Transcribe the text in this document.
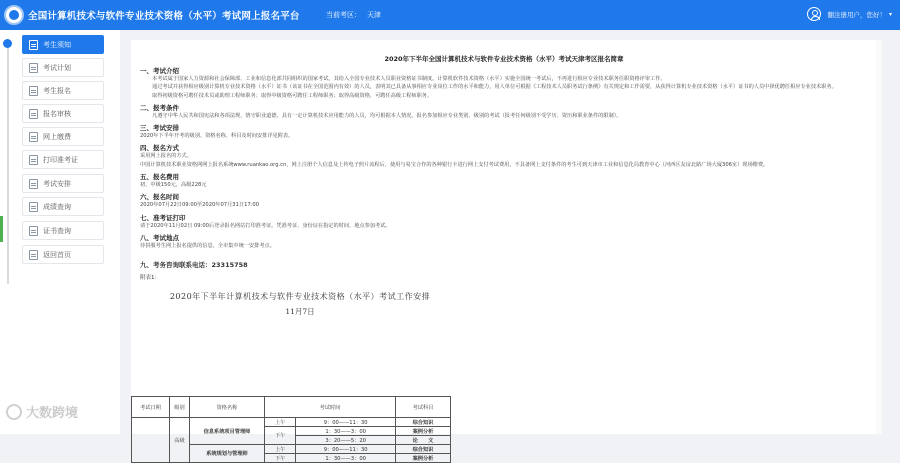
全国计算机技术与软件专业技术资格（水平）考试网上报名平台	当前考区： 天津	翻注册用户，您好！ ▾
考生须知
考试计划
考生报名
报名审核
网上缴费
打印准考证
考试安排
成绩查询
证书查询
返回首页
大数跨境
2020年下半年全国计算机技术与软件专业技术资格（水平）考试天津考区报名简章
一、考试介绍
本考试属于国家人力资源和社会保障部、工业和信息化部共同组织的国家考试，其给入全国专业技术人员职业资格证书制度。计算机软件技术资格（水平）实施全国统一考试后，不再进行相应专业技术职务任职资格评审工作。
通过考试并获得相应级别计算机专业技术资格（水平）证书（该证书在全国范围内有效）的人员，表明其已具备从事相应专业岗位工作的水平和能力，用人单位可根据《工程技术人员职务试行条例》有关规定和工作需要，从获得计算机专业技术资格（水平）证书的人员中择优聘任相应专业技术职务。
取得初级资格可聘任技术员或助理工程师职务；取得中级资格可聘任工程师职务；取得高级资格，可聘任高级工程师职务。
二、报考条件
凡遵守中华人民共和国宪法和各项法规，恪守职业道德，具有一定计算机技术应用能力的人员，均可根据本人情况，报名参加相应专业类别、级别的考试（报考任何级别不受学历、资历和职业条件的限制）。
三、考试安排
2020年下半年开考的级别、资格名称、科目及时间安排详见附表。
四、报名方式
采用网上报名的方式。
中国计算机技术职业资格网网上报名系统www.ruankao.org.cn，网上注册个人信息及上传电子照片流程后，使用与易宝合作的各种银行卡进行网上支付考试费用。不具备网上支付条件的考生可到天津市工业和信息化局教育中心（河西区友谊北路广场大厦306室）现场缴费。
五、报名费用
初、中级150元，高级228元
六、报名时间
2020年07月22日09:00至2020年07月31日17:00
七、准考证打印
请于2020年11月02日 09:00后登录报名网站打印准考证。凭准考证、身份证在指定的时间、地点参加考试。
八、考试地点
待拼服考生网上报名提供的信息，全市集中统一安排考点。
九、考务咨询联系电话：23315758
附表1：
2020年下半年计算机技术与软件专业技术资格（水平）考试工作安排
11月7日
考试日期	级别	资格名称	考试时间		考试科目
	高级	信息系统项目管理师	上午	9：00——11：30	综合知识
			下午	1：30——3：00	案例分析
				3：20——5：20	论　　文
		系统规划与管理师	上午	9：00——11：30	综合知识
			下午	1：30——3：00	案例分析
